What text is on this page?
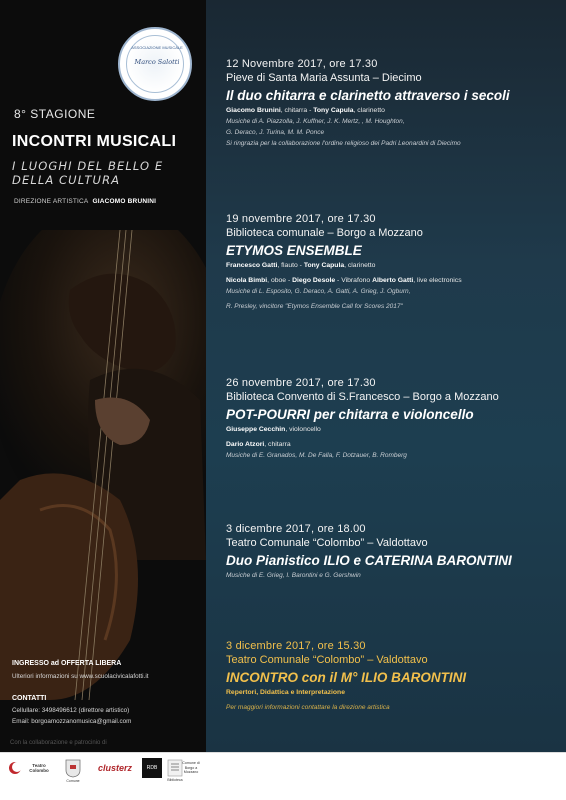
ASSOCIAZIONE MUSICALE
Marco Salotti
8° STAGIONE
INCONTRI MUSICALI
I LUOGHI DEL BELLO E DELLA CULTURA
DIREZIONE ARTISTICA GIACOMO BRUNINI
INGRESSO ad OFFERTA LIBERA
Ulteriori informazioni su www.scuolacivicalafotti.it
CONTATTI
Cellullare: 3498496612 (direttore artistico)
Email: borgoamozzanomusica@gmail.com
12 Novembre 2017, ore 17.30
Pieve di Santa Maria Assunta – Diecimo
Il duo chitarra e clarinetto attraverso i secoli
Giacomo Brunini, chitarra - Tony Capula, clarinetto
Musiche di A. Piazzolla, J. Kuffner, J. K. Mertz, , M. Houghton,
G. Deraco, J. Turina, M. M. Ponce
Si ringrazia per la collaborazione l'ordine religioso dei Padri Leonardini di Diecimo
19 novembre 2017, ore 17.30
Biblioteca comunale – Borgo a Mozzano
ETYMOS ENSEMBLE
Francesco Gatti, flauto - Tony Capula, clarinetto
Nicola Bimbi, oboe - Diego Desole - Vibrafono Alberto Gatti, live electronics
Musiche di L. Esposito, G. Deraco, A. Gatti, A. Grieg, J. Ogburn,
R. Presley, vincitore "Etymos Ensemble Call for Scores 2017"
26 novembre 2017, ore 17.30
Biblioteca Convento di S.Francesco – Borgo a Mozzano
POT-POURRI per chitarra e violoncello
Giuseppe Cecchin, violoncello
Dario Atzori, chitarra
Musiche di E. Granados, M. De Falla, F. Dotzauer, B. Romberg
3 dicembre 2017, ore 18.00
Teatro Comunale “Colombo” – Valdottavo
Duo Pianistico ILIO e CATERINA BARONTINI
Musiche di E. Grieg, I. Barontini e G. Gershwin
3 dicembre 2017, ore 15.30
Teatro Comunale “Colombo” – Valdottavo
INCONTRO con il M° ILIO BARONTINI
Repertori, Didattica e Interpretazione
Per maggiori informazioni contattare la direzione artistica
Con la collaborazione e patrocinio di
Teatro Colombo
Comune
clusterz	RDB
Biblioteca
Comune di Borgo a Mozzano
